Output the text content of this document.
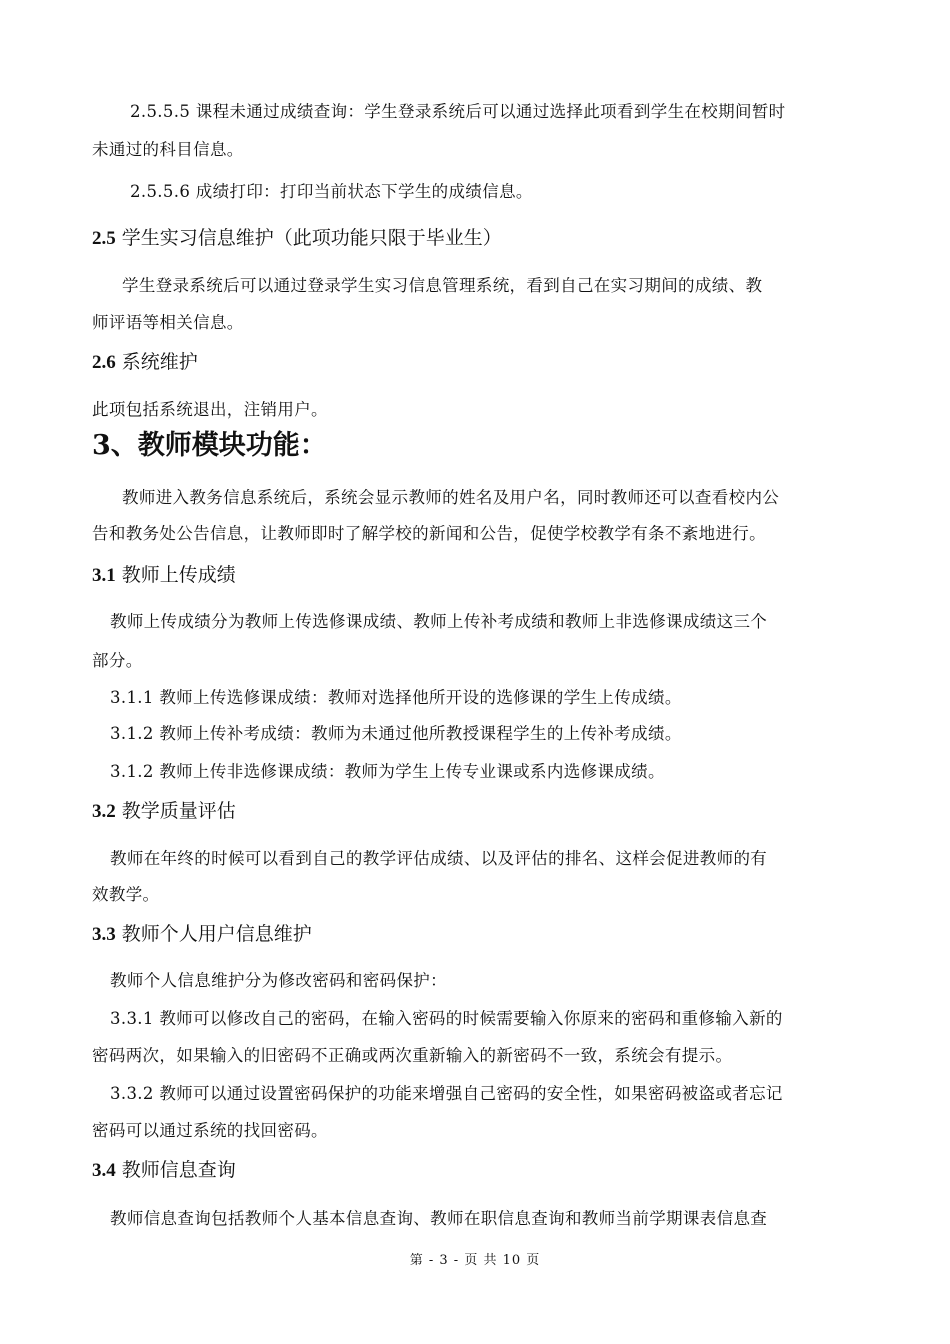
2.5.5.5 课程未通过成绩查询：学生登录系统后可以通过选择此项看到学生在校期间暂时
未通过的科目信息。
2.5.5.6 成绩打印：打印当前状态下学生的成绩信息。
2.5 学生实习信息维护（此项功能只限于毕业生）
学生登录系统后可以通过登录学生实习信息管理系统，看到自己在实习期间的成绩、教
师评语等相关信息。
2.6 系统维护
此项包括系统退出，注销用户。
3、教师模块功能：
教师进入教务信息系统后，系统会显示教师的姓名及用户名，同时教师还可以查看校内公
告和教务处公告信息，让教师即时了解学校的新闻和公告，促使学校教学有条不紊地进行。
3.1 教师上传成绩
教师上传成绩分为教师上传选修课成绩、教师上传补考成绩和教师上非选修课成绩这三个
部分。
3.1.1 教师上传选修课成绩：教师对选择他所开设的选修课的学生上传成绩。
3.1.2 教师上传补考成绩：教师为未通过他所教授课程学生的上传补考成绩。
3.1.2 教师上传非选修课成绩：教师为学生上传专业课或系内选修课成绩。
3.2 教学质量评估
教师在年终的时候可以看到自己的教学评估成绩、以及评估的排名、这样会促进教师的有
效教学。
3.3 教师个人用户信息维护
教师个人信息维护分为修改密码和密码保护：
3.3.1 教师可以修改自己的密码，在输入密码的时候需要输入你原来的密码和重修输入新的
密码两次，如果输入的旧密码不正确或两次重新输入的新密码不一致，系统会有提示。
3.3.2 教师可以通过设置密码保护的功能来增强自己密码的安全性，如果密码被盗或者忘记
密码可以通过系统的找回密码。
3.4 教师信息查询
教师信息查询包括教师个人基本信息查询、教师在职信息查询和教师当前学期课表信息查
第 - 3 - 页 共 10 页
